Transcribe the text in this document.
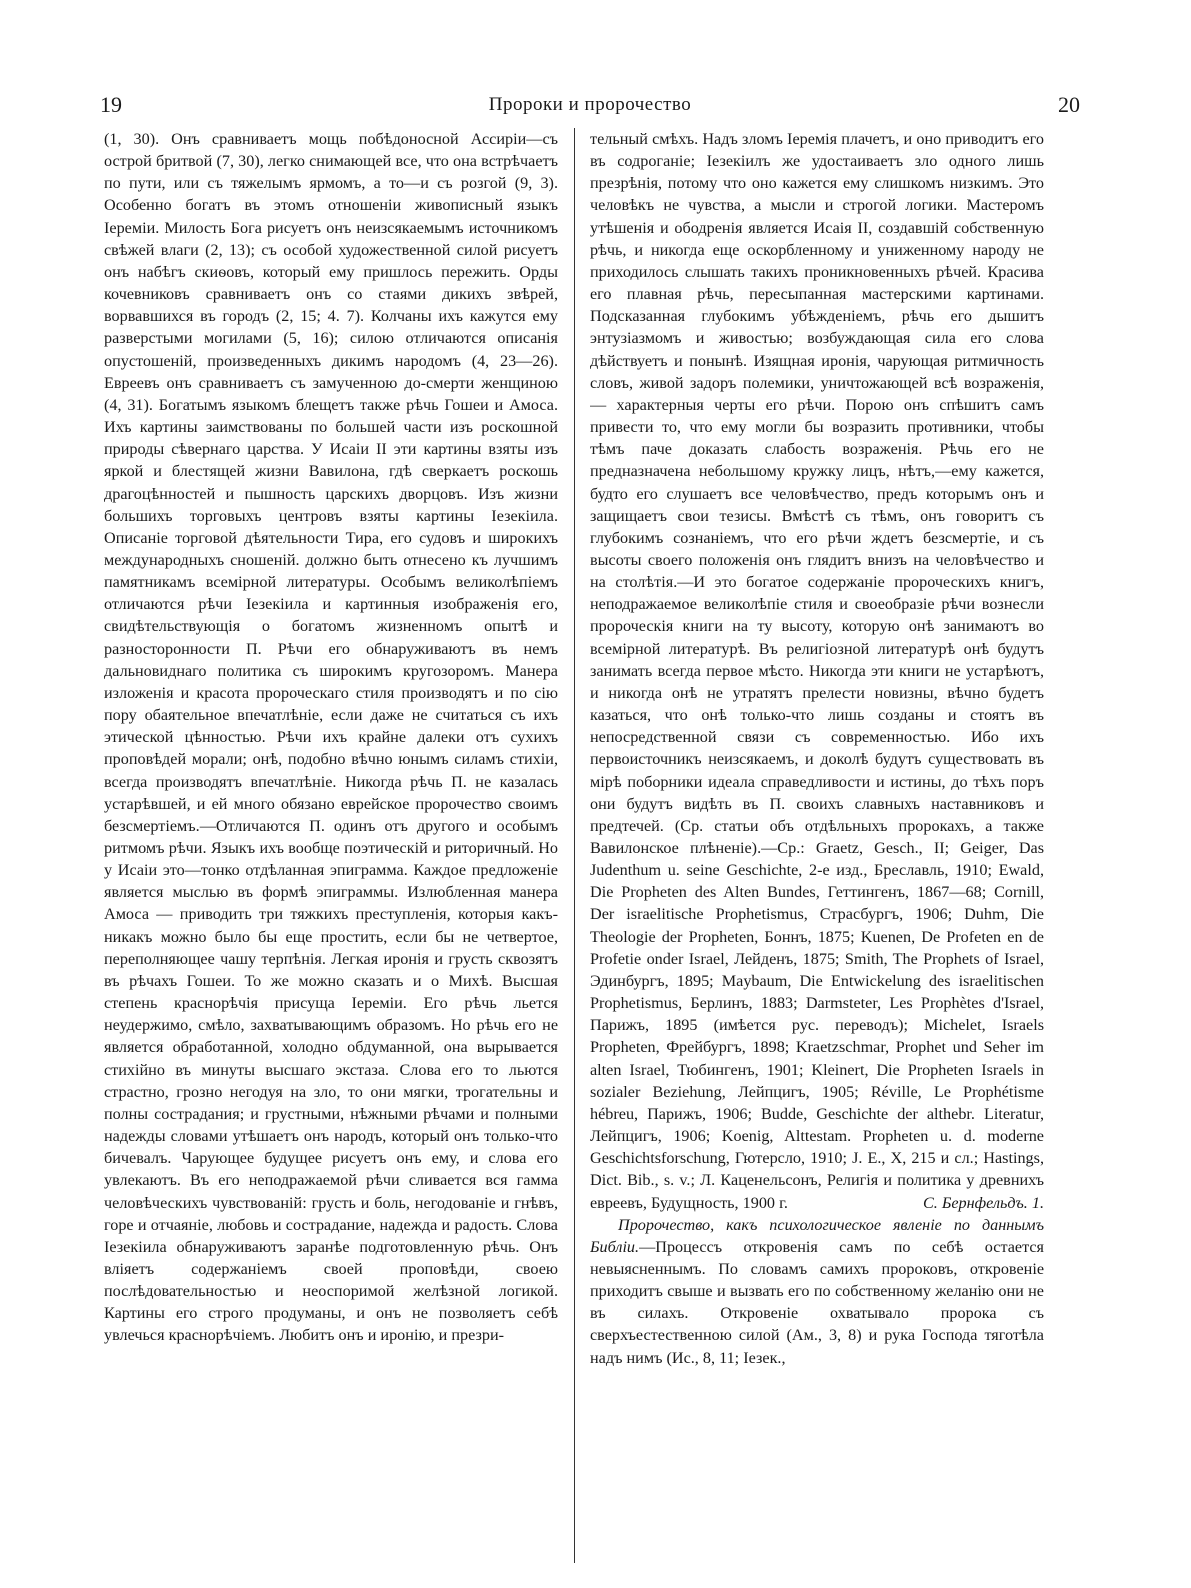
19	Пророки и пророчество	20

(1, 30). Онъ сравниваетъ мощь побѣдоносной Ассиріи—съ острой бритвой (7, 30), легко снимающей все, что она встрѣчаетъ по пути, или съ тяжелымъ ярмомъ, а то—и съ розгой (9, 3). Особенно богатъ въ этомъ отношеніи живописный языкъ Іереміи. Милость Бога рисуетъ онъ неизсякаемымъ источникомъ свѣжей влаги (2, 13); съ особой художественной силой рисуетъ онъ набѣгъ скиѳовъ, который ему пришлось пережить. Орды кочевниковъ сравниваетъ онъ со стаями дикихъ звѣрей, ворвавшихся въ городъ (2, 15; 4. 7). Колчаны ихъ кажутся ему разверстыми могилами (5, 16); силою отличаются описанія опустошеній, произведенныхъ дикимъ народомъ (4, 23—26). Евреевъ онъ сравниваетъ съ замученною до-смерти женщиною (4, 31). Богатымъ языкомъ блещетъ также рѣчь Гошеи и Амоса. Ихъ картины заимствованы по большей части изъ роскошной природы сѣвернаго царства. У Исаіи II эти картины взяты изъ яркой и блестящей жизни Вавилона, гдѣ сверкаетъ роскошь драгоцѣнностей и пышность царскихъ дворцовъ. Изъ жизни большихъ торговыхъ центровъ взяты картины Іезекіила. Описаніе торговой дѣятельности Тира, его судовъ и широкихъ международныхъ сношеній. должно быть отнесено къ лучшимъ памятникамъ всемірной литературы. Особымъ великолѣпіемъ отличаются рѣчи Іезекіила и картинныя изображенія его, свидѣтельствующія о богатомъ жизненномъ опытѣ и разносторонности П. Рѣчи его обнаруживаютъ въ немъ дальновиднаго политика съ широкимъ кругозоромъ. Манера изложенія и красота пророческаго стиля производятъ и по сію пору обаятельное впечатлѣніе, если даже не считаться съ ихъ этической цѣнностью. Рѣчи ихъ крайне далеки отъ сухихъ проповѣдей морали; онѣ, подобно вѣчно юнымъ силамъ стихіи, всегда производятъ впечатлѣніе. Никогда рѣчь П. не казалась устарѣвшей, и ей много обязано еврейское пророчество своимъ безсмертіемъ.—Отличаются П. одинъ отъ другого и особымъ ритмомъ рѣчи. Языкъ ихъ вообще поэтическій и риторичный. Но у Исаіи это—тонко отдѣланная эпиграмма. Каждое предложеніе является мыслью въ формѣ эпиграммы. Излюбленная манера Амоса — приводить три тяжкихъ преступленія, которыя какъ-никакъ можно было бы еще простить, если бы не четвертое, переполняющее чашу терпѣнія. Легкая иронія и грусть сквозятъ въ рѣчахъ Гошеи. То же можно сказать и о Михѣ. Высшая степень краснорѣчія присуща Іереміи. Его рѣчь льется неудержимо, смѣло, захватывающимъ образомъ. Но рѣчь его не является обработанной, холодно обдуманной, она вырывается стихійно въ минуты высшаго экстаза. Слова его то льются страстно, грозно негодуя на зло, то они мягки, трогательны и полны сострадания; и грустными, нѣжными рѣчами и полными надежды словами утѣшаетъ онъ народъ, который онъ только-что бичевалъ. Чарующее будущее рисуетъ онъ ему, и слова его увлекаютъ. Въ его неподражаемой рѣчи сливается вся гамма человѣческихъ чувствованій: грусть и боль, негодованіе и гнѣвъ, горе и отчаяніе, любовь и сострадание, надежда и радость. Слова Іезекіила обнаруживаютъ заранѣе подготовленную рѣчь. Онъ вліяетъ содержаніемъ своей проповѣди, своею послѣдовательностью и неоспоримой желѣзной логикой. Картины его строго продуманы, и онъ не позволяетъ себѣ увлечься краснорѣчіемъ. Любитъ онъ и иронію, и презри-

тельный смѣхъ. Надъ зломъ Іеремія плачетъ, и оно приводитъ его въ содроганіе; Іезекіилъ же удостаиваетъ зло одного лишь презрѣнія, потому что оно кажется ему слишкомъ низкимъ. Это человѣкъ не чувства, а мысли и строгой логики. Мастеромъ утѣшенія и ободренія является Исаія II, создавшій собственную рѣчь, и никогда еще оскорбленному и униженному народу не приходилось слышать такихъ проникновенныхъ рѣчей. Красива его плавная рѣчь, пересыпанная мастерскими картинами. Подсказанная глубокимъ убѣжденіемъ, рѣчь его дышитъ энтузіазмомъ и живостью; возбуждающая сила его слова дѣйствуетъ и понынѣ. Изящная иронія, чарующая ритмичность словъ, живой задоръ полемики, уничтожающей всѣ возраженія, — характерныя черты его рѣчи. Порою онъ спѣшитъ самъ привести то, что ему могли бы возразить противники, чтобы тѣмъ паче доказать слабость возраженія. Рѣчь его не предназначена небольшому кружку лицъ, нѣтъ,—ему кажется, будто его слушаетъ все человѣчество, предъ которымъ онъ и защищаетъ свои тезисы. Вмѣстѣ съ тѣмъ, онъ говоритъ съ глубокимъ сознаніемъ, что его рѣчи ждетъ безсмертіе, и съ высоты своего положенія онъ глядитъ внизъ на человѣчество и на столѣтія.—И это богатое содержаніе пророческихъ книгъ, неподражаемое великолѣпіе стиля и своеобразіе рѣчи вознесли пророческія книги на ту высоту, которую онѣ занимаютъ во всемірной литературѣ. Въ религіозной литературѣ онѣ будутъ занимать всегда первое мѣсто. Никогда эти книги не устарѣютъ, и никогда онѣ не утратятъ прелести новизны, вѣчно будетъ казаться, что онѣ только-что лишь созданы и стоятъ въ непосредственной связи съ современностью. Ибо ихъ первоисточникъ неизсякаемъ, и доколѣ будутъ существовать въ мірѣ поборники идеала справедливости и истины, до тѣхъ поръ они будутъ видѣть въ П. своихъ славныхъ наставниковъ и предтечей. (Ср. статьи объ отдѣльныхъ пророкахъ, а также Вавилонское плѣненіе).—Ср.: Graetz, Gesch., II; Geiger, Das Judenthum u. seine Geschichte, 2-е изд., Бреславль, 1910; Ewald, Die Propheten des Alten Bundes, Геттингенъ, 1867—68; Cornill, Der israelitische Prophetismus, Страсбургъ, 1906; Duhm, Die Theologie der Propheten, Боннъ, 1875; Kuenen, De Profeten en de Profetie onder Israel, Лейденъ, 1875; Smith, The Prophets of Israel, Эдинбургъ, 1895; Maybaum, Die Entwickelung des israelitischen Prophetismus, Берлинъ, 1883; Darmsteter, Les Prophètes d'Israel, Парижъ, 1895 (имѣется рус. переводъ); Michelet, Israels Propheten, Фрейбургъ, 1898; Kraetzschmar, Prophet und Seher im alten Israel, Тюбингенъ, 1901; Kleinert, Die Propheten Israels in sozialer Beziehung, Лейпцигъ, 1905; Réville, Le Prophétisme hébreu, Парижъ, 1906; Budde, Geschichte der althebr. Literatur, Лейпцигъ, 1906; Koenig, Alttestam. Propheten u. d. moderne Geschichtsforschung, Гютерсло, 1910; J. E., X, 215 и сл.; Hastings, Dict. Bib., s. v.; Л. Каценельсонъ, Религія и политика у древнихъ евреевъ, Будущность, 1900 г.	С. Бернфельдъ. 1.

Пророчество, какъ психологическое явленіе по даннымъ Библіи.—Процессъ откровенія самъ по себѣ остается невыясненнымъ. По словамъ самихъ пророковъ, откровеніе приходитъ свыше и вызвать его по собственному желанію они не въ силахъ. Откровеніе охватывало пророка съ сверхъестественною силой (Ам., 3, 8) и рука Господа тяготѣла надъ нимъ (Ис., 8, 11; Іезек.,
